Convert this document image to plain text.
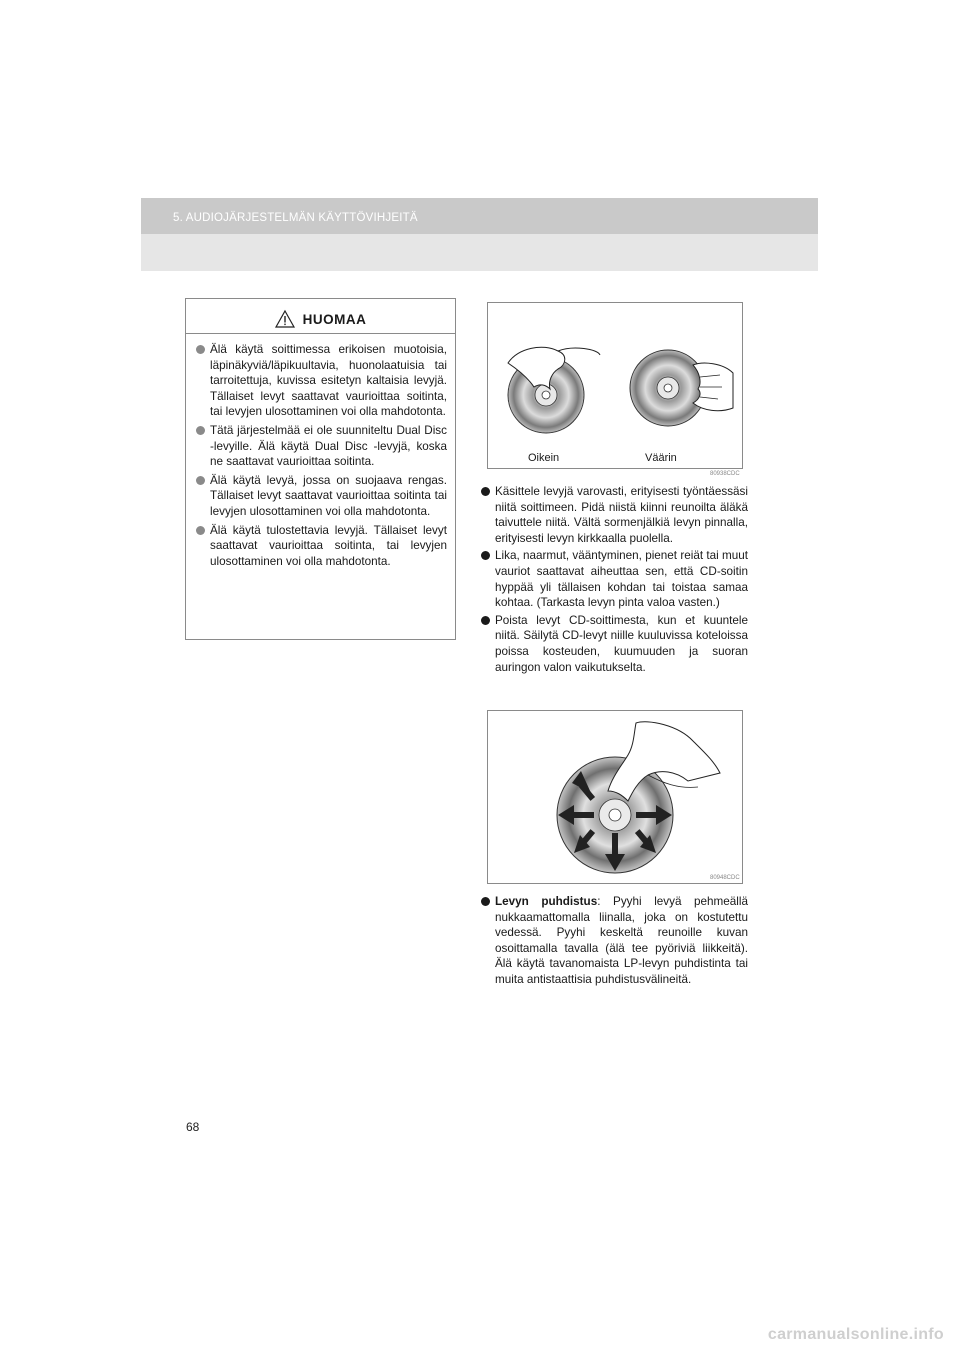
5. AUDIOJÄRJESTELMÄN KÄYTTÖVIHJEITÄ
HUOMAA
Älä käytä soittimessa erikoisen muotoisia, läpinäkyviä/läpikuultavia, huonolaatuisia tai tarroitettuja, kuvissa esitetyn kaltaisia levyjä. Tällaiset levyt saattavat vaurioittaa soitinta, tai levyjen ulosottaminen voi olla mahdotonta.
Tätä järjestelmää ei ole suunniteltu Dual Disc -levyille. Älä käytä Dual Disc -levyjä, koska ne saattavat vaurioittaa soitinta.
Älä käytä levyä, jossa on suojaava rengas. Tällaiset levyt saattavat vaurioittaa soitinta tai levyjen ulosottaminen voi olla mahdotonta.
Älä käytä tulostettavia levyjä. Tällaiset levyt saattavat vaurioittaa soitinta, tai levyjen ulosottaminen voi olla mahdotonta.
Oikein	Väärin
80938CDC
Käsittele levyjä varovasti, erityisesti työntäessäsi niitä soittimeen. Pidä niistä kiinni reunoilta äläkä taivuttele niitä. Vältä sormenjälkiä levyn pinnalla, erityisesti levyn kirkkaalla puolella.
Lika, naarmut, vääntyminen, pienet reiät tai muut vauriot saattavat aiheuttaa sen, että CD-soitin hyppää yli tällaisen kohdan tai toistaa samaa kohtaa. (Tarkasta levyn pinta valoa vasten.)
Poista levyt CD-soittimesta, kun et kuuntele niitä. Säilytä CD-levyt niille kuuluvissa koteloissa poissa kosteuden, kuumuuden ja suoran auringon valon vaikutukselta.
80948CDC
Levyn puhdistus: Pyyhi levyä pehmeällä nukkaamattomalla liinalla, joka on kostutettu vedessä. Pyyhi keskeltä reunoille kuvan osoittamalla tavalla (älä tee pyöriviä liikkeitä). Älä käytä tavanomaista LP-levyn puhdistinta tai muita antistaattisia puhdistusvälineitä.
68
carmanualsonline.info
